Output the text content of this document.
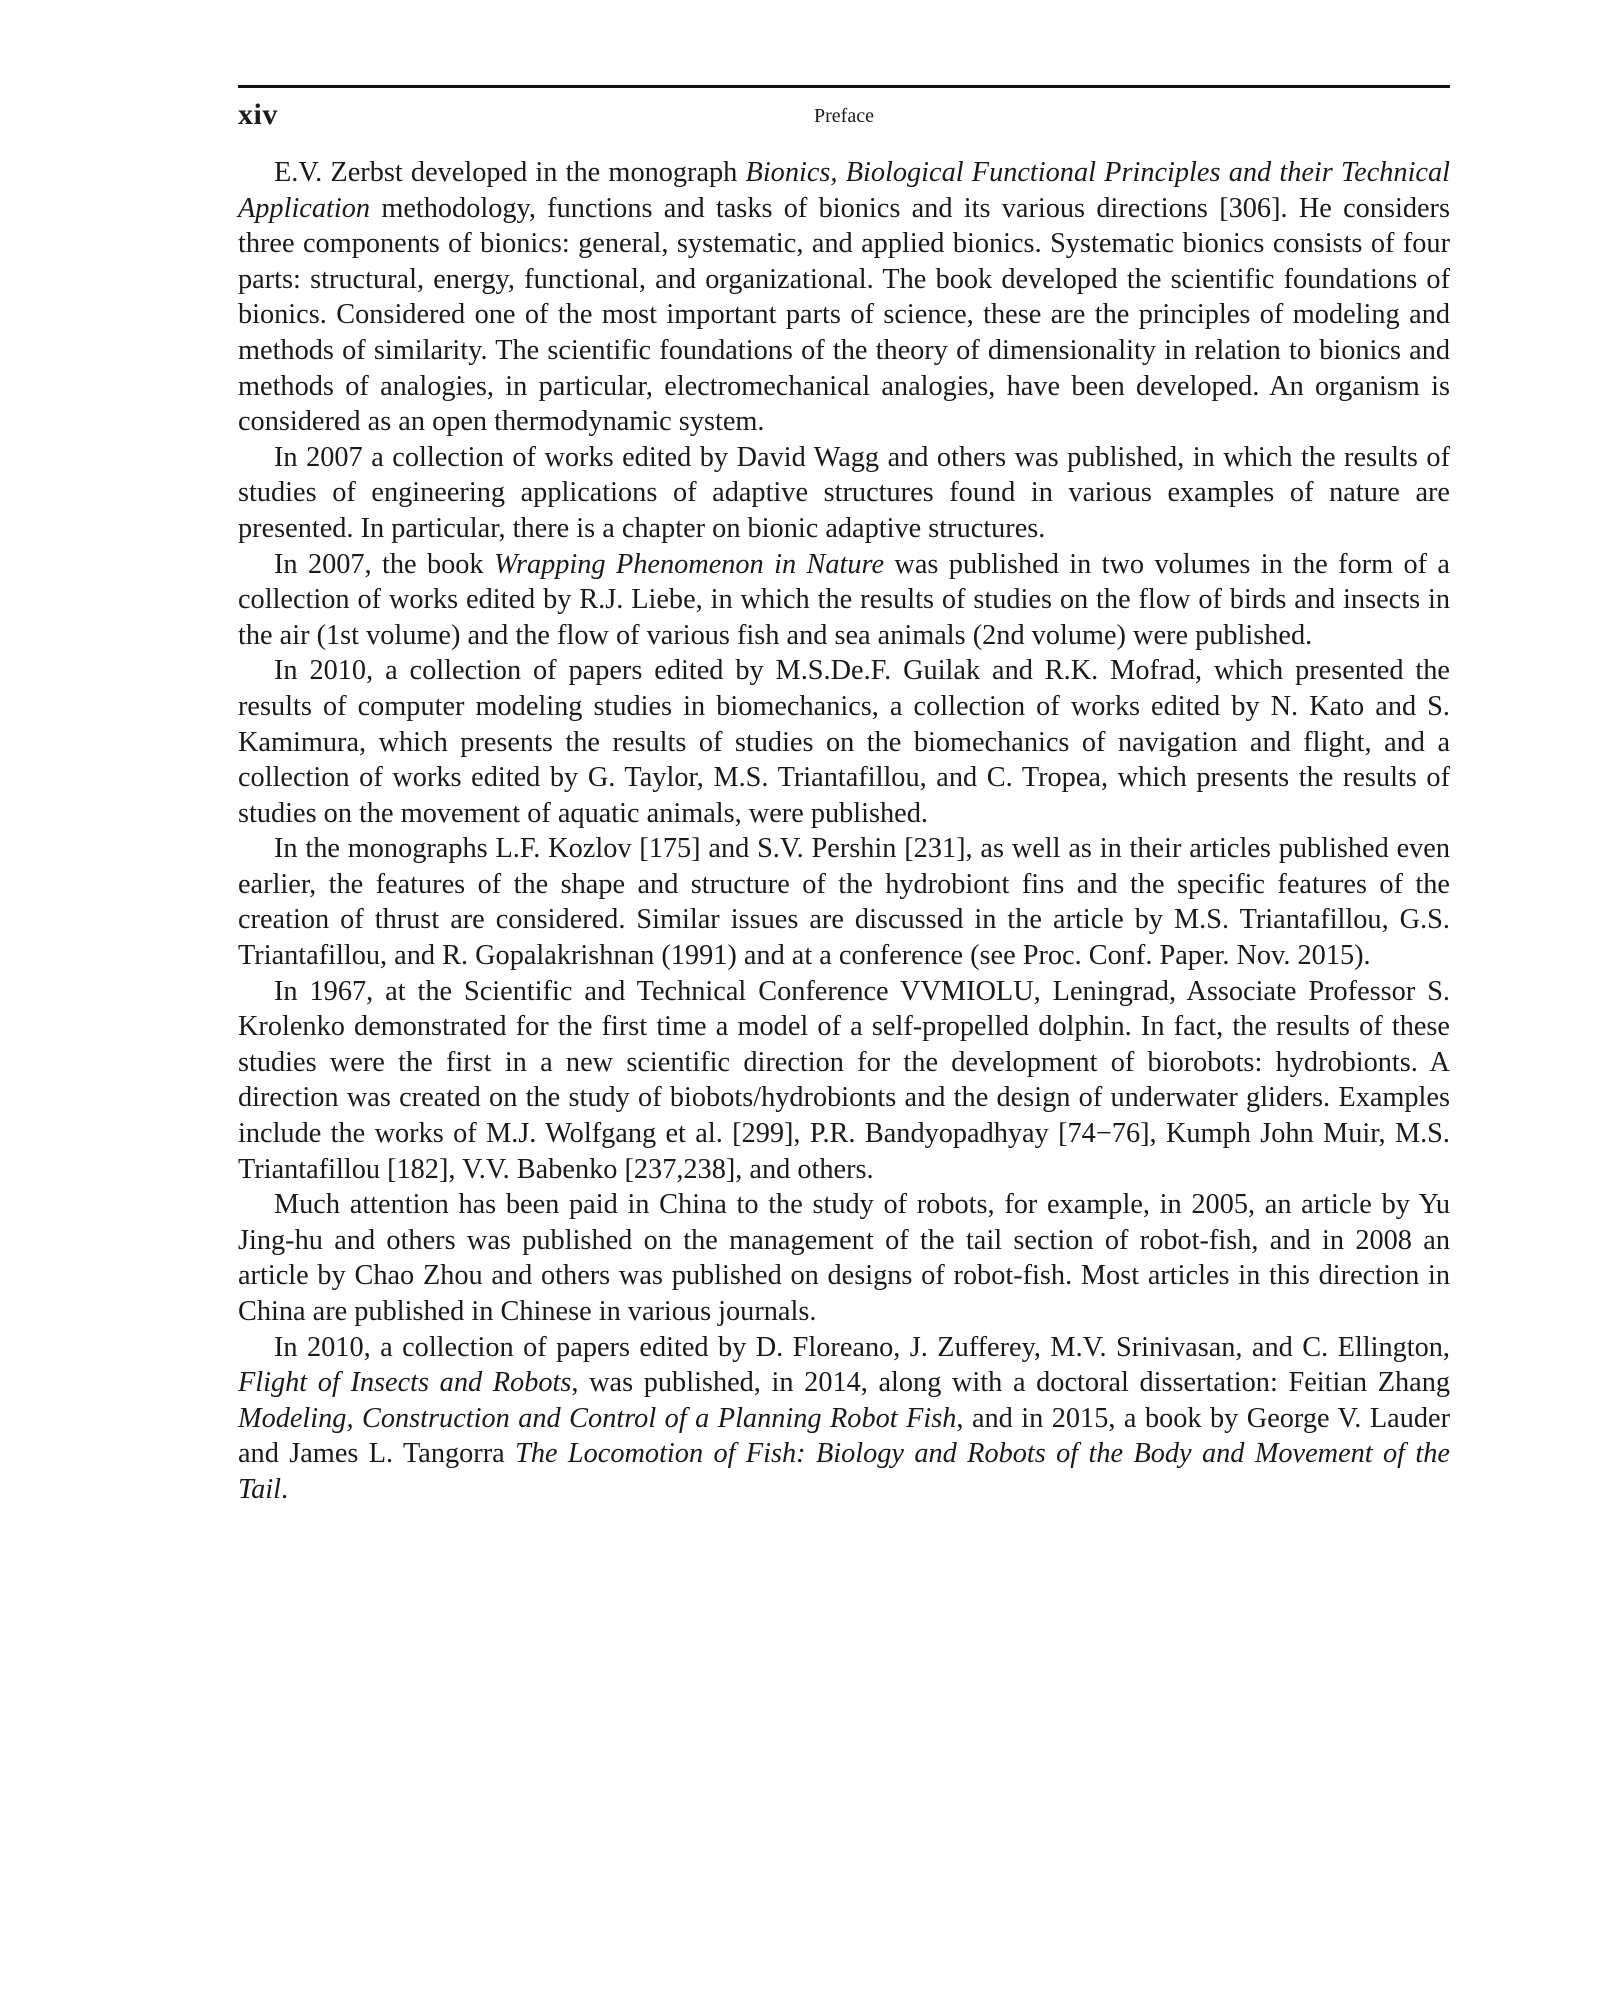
xiv	Preface

E.V. Zerbst developed in the monograph Bionics, Biological Functional Principles and their Technical Application methodology, functions and tasks of bionics and its various directions [306]. He considers three components of bionics: general, systematic, and applied bionics. Systematic bionics consists of four parts: structural, energy, functional, and organizational. The book developed the scientific foundations of bionics. Considered one of the most important parts of science, these are the principles of modeling and methods of similarity. The scientific foundations of the theory of dimensionality in relation to bionics and methods of analogies, in particular, electromechanical analogies, have been developed. An organism is considered as an open thermodynamic system.

In 2007 a collection of works edited by David Wagg and others was published, in which the results of studies of engineering applications of adaptive structures found in various examples of nature are presented. In particular, there is a chapter on bionic adaptive structures.

In 2007, the book Wrapping Phenomenon in Nature was published in two volumes in the form of a collection of works edited by R.J. Liebe, in which the results of studies on the flow of birds and insects in the air (1st volume) and the flow of various fish and sea animals (2nd volume) were published.

In 2010, a collection of papers edited by M.S.De.F. Guilak and R.K. Mofrad, which presented the results of computer modeling studies in biomechanics, a collection of works edited by N. Kato and S. Kamimura, which presents the results of studies on the biomechanics of navigation and flight, and a collection of works edited by G. Taylor, M.S. Triantafillou, and C. Tropea, which presents the results of studies on the movement of aquatic animals, were published.

In the monographs L.F. Kozlov [175] and S.V. Pershin [231], as well as in their articles published even earlier, the features of the shape and structure of the hydrobiont fins and the specific features of the creation of thrust are considered. Similar issues are discussed in the article by M.S. Triantafillou, G.S. Triantafillou, and R. Gopalakrishnan (1991) and at a conference (see Proc. Conf. Paper. Nov. 2015).

In 1967, at the Scientific and Technical Conference VVMIOLU, Leningrad, Associate Professor S. Krolenko demonstrated for the first time a model of a self-propelled dolphin. In fact, the results of these studies were the first in a new scientific direction for the development of biorobots: hydrobionts. A direction was created on the study of biobots/hydrobionts and the design of underwater gliders. Examples include the works of M.J. Wolfgang et al. [299], P.R. Bandyopadhyay [74−76], Kumph John Muir, M.S. Triantafillou [182], V.V. Babenko [237,238], and others.

Much attention has been paid in China to the study of robots, for example, in 2005, an article by Yu Jing-hu and others was published on the management of the tail section of robot-fish, and in 2008 an article by Chao Zhou and others was published on designs of robot-fish. Most articles in this direction in China are published in Chinese in various journals.

In 2010, a collection of papers edited by D. Floreano, J. Zufferey, M.V. Srinivasan, and C. Ellington, Flight of Insects and Robots, was published, in 2014, along with a doctoral dissertation: Feitian Zhang Modeling, Construction and Control of a Planning Robot Fish, and in 2015, a book by George V. Lauder and James L. Tangorra The Locomotion of Fish: Biology and Robots of the Body and Movement of the Tail.
